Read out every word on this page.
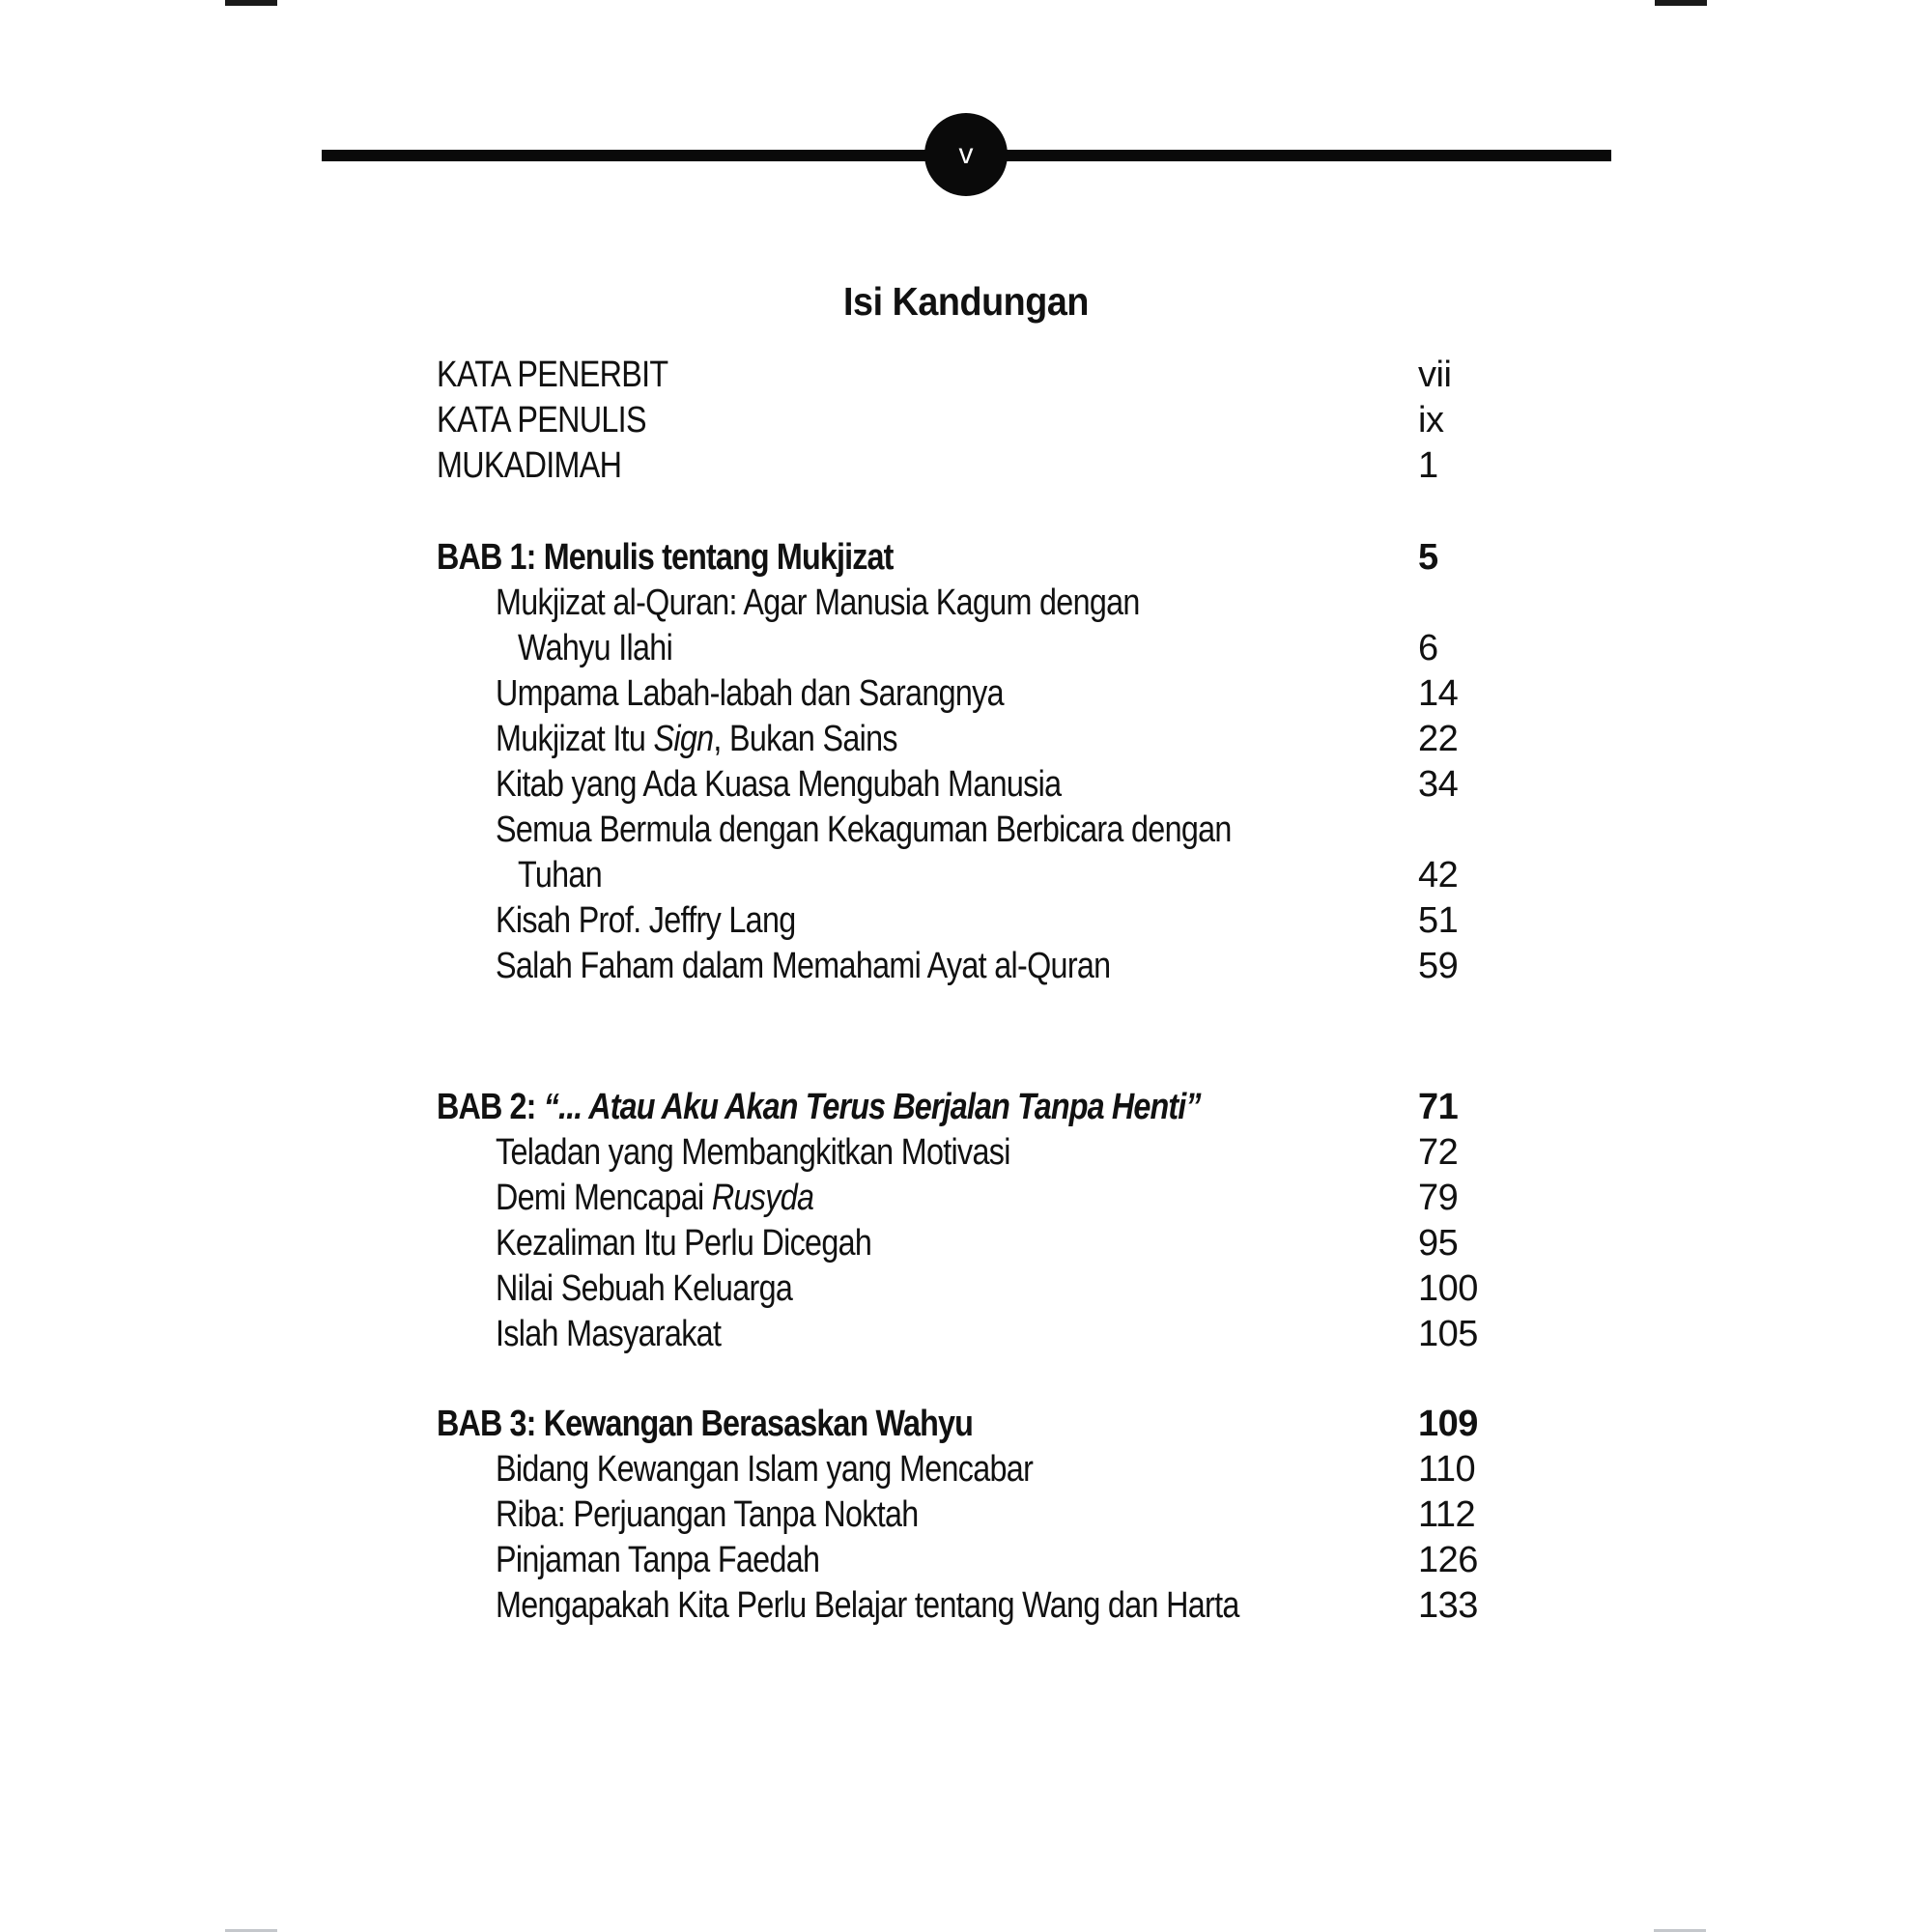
v
Isi Kandungan
KATA PENERBIT	vii
KATA PENULIS	ix
MUKADIMAH	1
BAB 1: Menulis tentang Mukjizat	5
Mukjizat al-Quran: Agar Manusia Kagum dengan
Wahyu Ilahi	6
Umpama Labah-labah dan Sarangnya	14
Mukjizat Itu Sign, Bukan Sains	22
Kitab yang Ada Kuasa Mengubah Manusia	34
Semua Bermula dengan Kekaguman Berbicara dengan
Tuhan	42
Kisah Prof. Jeffry Lang	51
Salah Faham dalam Memahami Ayat al-Quran	59
BAB 2: “... Atau Aku Akan Terus Berjalan Tanpa Henti”	71
Teladan yang Membangkitkan Motivasi	72
Demi Mencapai Rusyda	79
Kezaliman Itu Perlu Dicegah	95
Nilai Sebuah Keluarga	100
Islah Masyarakat	105
BAB 3: Kewangan Berasaskan Wahyu	109
Bidang Kewangan Islam yang Mencabar	110
Riba: Perjuangan Tanpa Noktah	112
Pinjaman Tanpa Faedah	126
Mengapakah Kita Perlu Belajar tentang Wang dan Harta	133
